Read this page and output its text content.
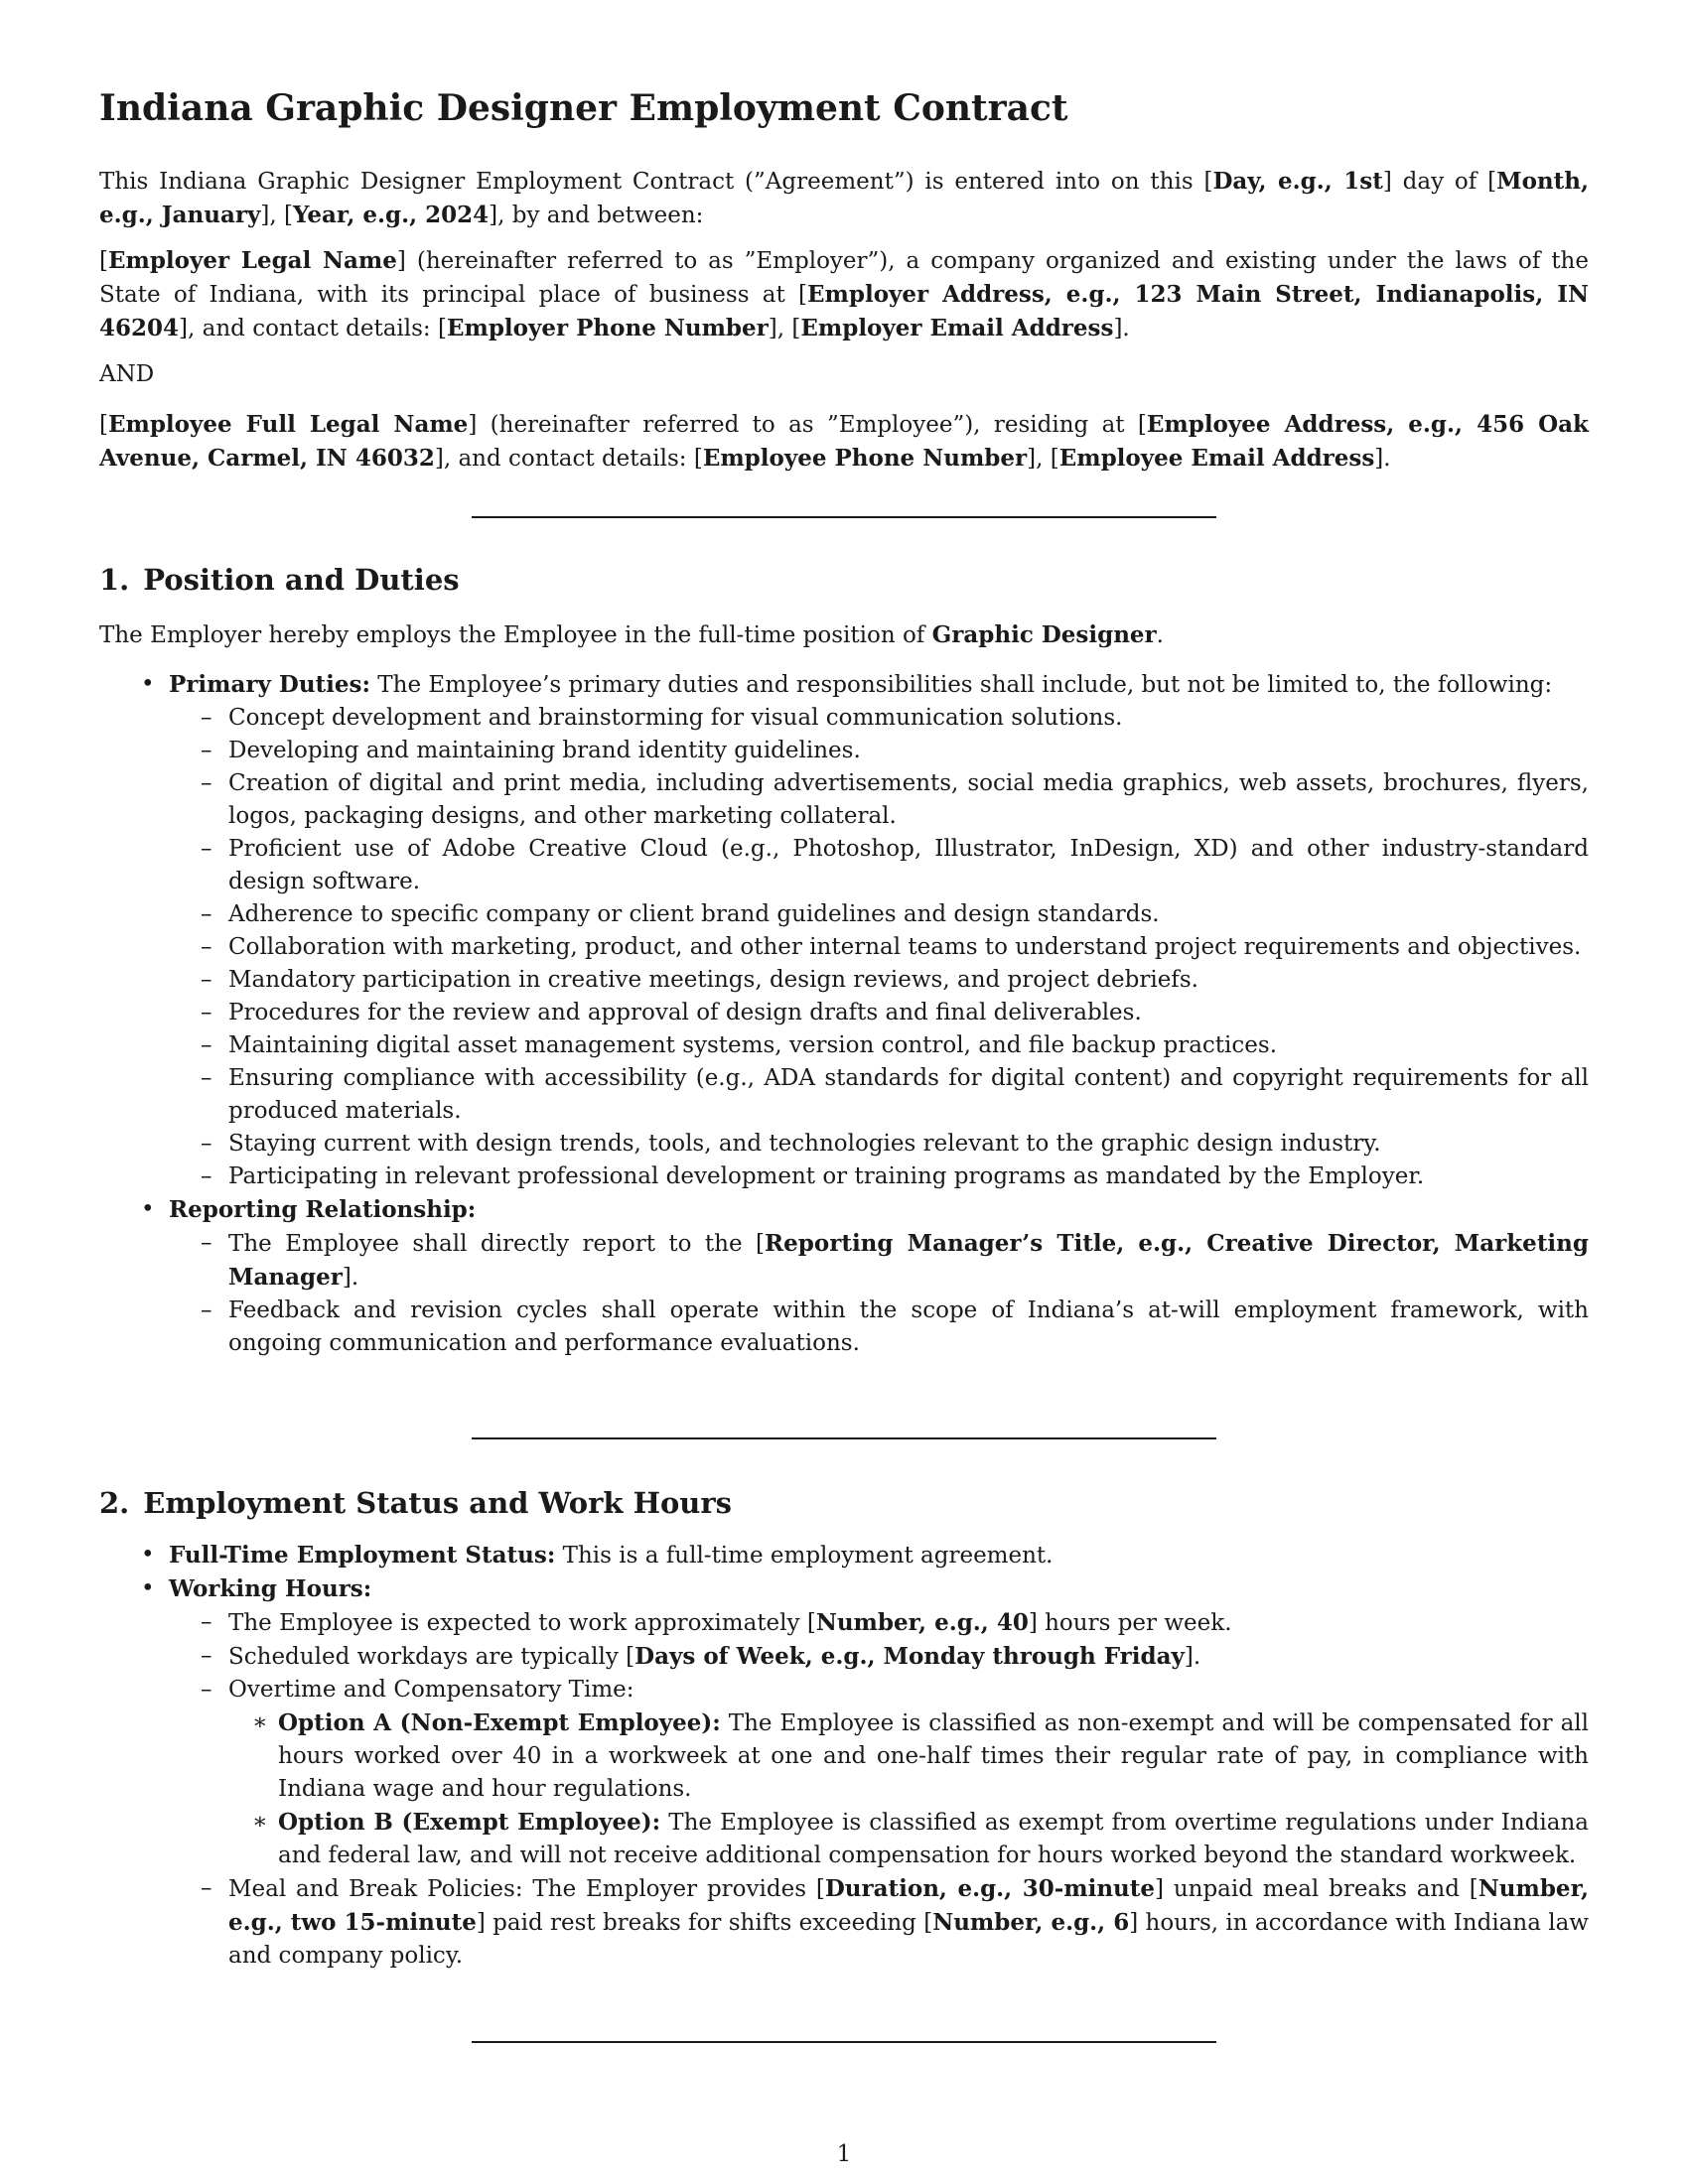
Indiana Graphic Designer Employment Contract

This Indiana Graphic Designer Employment Contract (”Agreement”) is entered into on this [Day, e.g., 1st] day of [Month, e.g., January], [Year, e.g., 2024], by and between:

[Employer Legal Name] (hereinafter referred to as ”Employer”), a company organized and existing under the laws of the State of Indiana, with its principal place of business at [Employer Address, e.g., 123 Main Street, Indianapolis, IN 46204], and contact details: [Employer Phone Number], [Employer Email Address].

AND

[Employee Full Legal Name] (hereinafter referred to as ”Employee”), residing at [Employee Address, e.g., 456 Oak Avenue, Carmel, IN 46032], and contact details: [Employee Phone Number], [Employee Email Address].

1. Position and Duties

The Employer hereby employs the Employee in the full-time position of Graphic Designer.

• Primary Duties: The Employee’s primary duties and responsibilities shall include, but not be limited to, the following:
– Concept development and brainstorming for visual communication solutions.
– Developing and maintaining brand identity guidelines.
– Creation of digital and print media, including advertisements, social media graphics, web assets, brochures, flyers, logos, packaging designs, and other marketing collateral.
– Proficient use of Adobe Creative Cloud (e.g., Photoshop, Illustrator, InDesign, XD) and other industry-standard design software.
– Adherence to specific company or client brand guidelines and design standards.
– Collaboration with marketing, product, and other internal teams to understand project requirements and objectives.
– Mandatory participation in creative meetings, design reviews, and project debriefs.
– Procedures for the review and approval of design drafts and final deliverables.
– Maintaining digital asset management systems, version control, and file backup practices.
– Ensuring compliance with accessibility (e.g., ADA standards for digital content) and copyright requirements for all produced materials.
– Staying current with design trends, tools, and technologies relevant to the graphic design industry.
– Participating in relevant professional development or training programs as mandated by the Employer.
• Reporting Relationship:
– The Employee shall directly report to the [Reporting Manager’s Title, e.g., Creative Director, Marketing Manager].
– Feedback and revision cycles shall operate within the scope of Indiana’s at-will employment framework, with ongoing communication and performance evaluations.
2. Employment Status and Work Hours
• Full-Time Employment Status: This is a full-time employment agreement.
• Working Hours:
– The Employee is expected to work approximately [Number, e.g., 40] hours per week.
– Scheduled workdays are typically [Days of Week, e.g., Monday through Friday].
– Overtime and Compensatory Time:
∗ Option A (Non-Exempt Employee): The Employee is classified as non-exempt and will be compensated for all hours worked over 40 in a workweek at one and one-half times their regular rate of pay, in compliance with Indiana wage and hour regulations.
∗ Option B (Exempt Employee): The Employee is classified as exempt from overtime regulations under Indiana and federal law, and will not receive additional compensation for hours worked beyond the standard workweek.
– Meal and Break Policies: The Employer provides [Duration, e.g., 30-minute] unpaid meal breaks and [Number, e.g., two 15-minute] paid rest breaks for shifts exceeding [Number, e.g., 6] hours, in accordance with Indiana law and company policy.
1
